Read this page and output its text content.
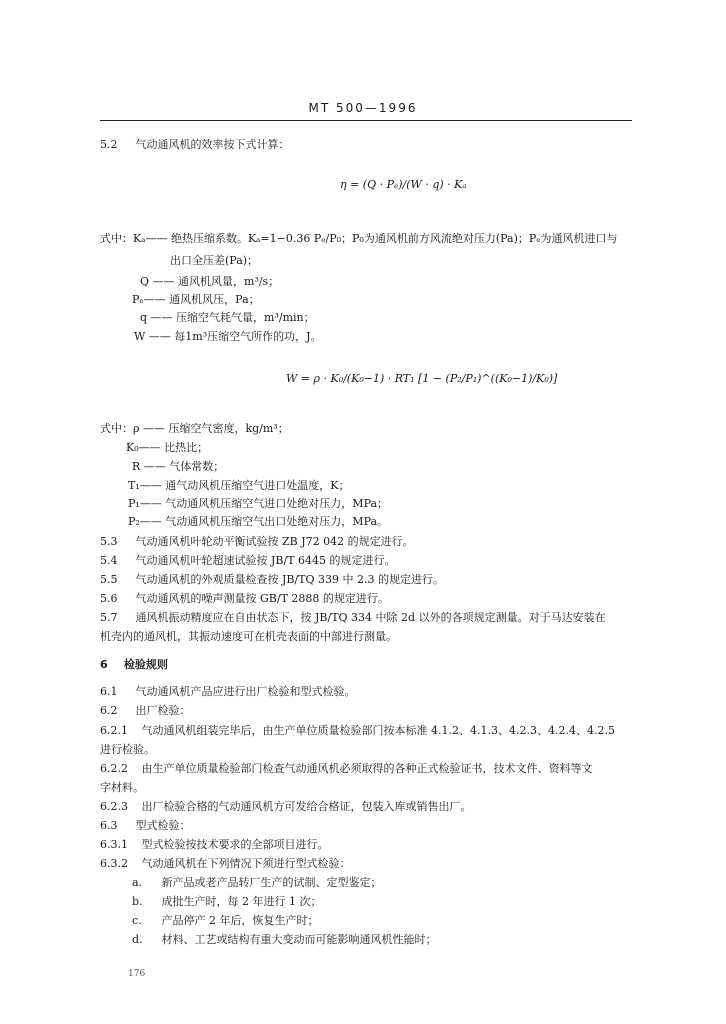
MT 500—1996
5.2 气动通风机的效率按下式计算：
η = (Q · Pₑ)/(W · q) · Kₐ
式中：Kₐ—— 绝热压缩系数。Kₐ=1−0.36 Pₑ/P₀；P₀为通风机前方风流绝对压力(Pa)；Pₑ为通风机进口与
出口全压差(Pa)；
Q —— 通风机风量，m³/s；
Pₑ—— 通风机风压，Pa；
q —— 压缩空气耗气量，m³/min；
W —— 每1m³压缩空气所作的功，J。
W = ρ · K₀/(K₀−1) · RT₁ [1 − (P₂/P₁)^((K₀−1)/K₀)]
式中：ρ —— 压缩空气密度，kg/m³；
K₀—— 比热比；
R —— 气体常数；
T₁—— 通气动风机压缩空气进口处温度，K；
P₁—— 气动通风机压缩空气进口处绝对压力，MPa；
P₂—— 气动通风机压缩空气出口处绝对压力，MPa。
5.3 气动通风机叶轮动平衡试验按 ZB J72 042 的规定进行。
5.4 气动通风机叶轮超速试验按 JB/T 6445 的规定进行。
5.5 气动通风机的外观质量检查按 JB/TQ 339 中 2.3 的规定进行。
5.6 气动通风机的噪声测量按 GB/T 2888 的规定进行。
5.7 通风机振动精度应在自由状态下，按 JB/TQ 334 中除 2d 以外的各项规定测量。对于马达安装在
机壳内的通风机，其振动速度可在机壳表面的中部进行测量。
6 检验规则
6.1 气动通风机产品应进行出厂检验和型式检验。
6.2 出厂检验：
6.2.1 气动通风机组装完毕后，由生产单位质量检验部门按本标准 4.1.2、4.1.3、4.2.3、4.2.4、4.2.5
进行检验。
6.2.2 由生产单位质量检验部门检查气动通风机必须取得的各种正式检验证书，技术文件、资料等文
字材料。
6.2.3 出厂检验合格的气动通风机方可发给合格证，包装入库或销售出厂。
6.3 型式检验：
6.3.1 型式检验按技术要求的全部项目进行。
6.3.2 气动通风机在下列情况下须进行型式检验：
a. 新产品或老产品转厂生产的试制、定型鉴定；
b. 成批生产时，每 2 年进行 1 次；
c. 产品停产 2 年后，恢复生产时；
d. 材料、工艺或结构有重大变动而可能影响通风机性能时；
176
